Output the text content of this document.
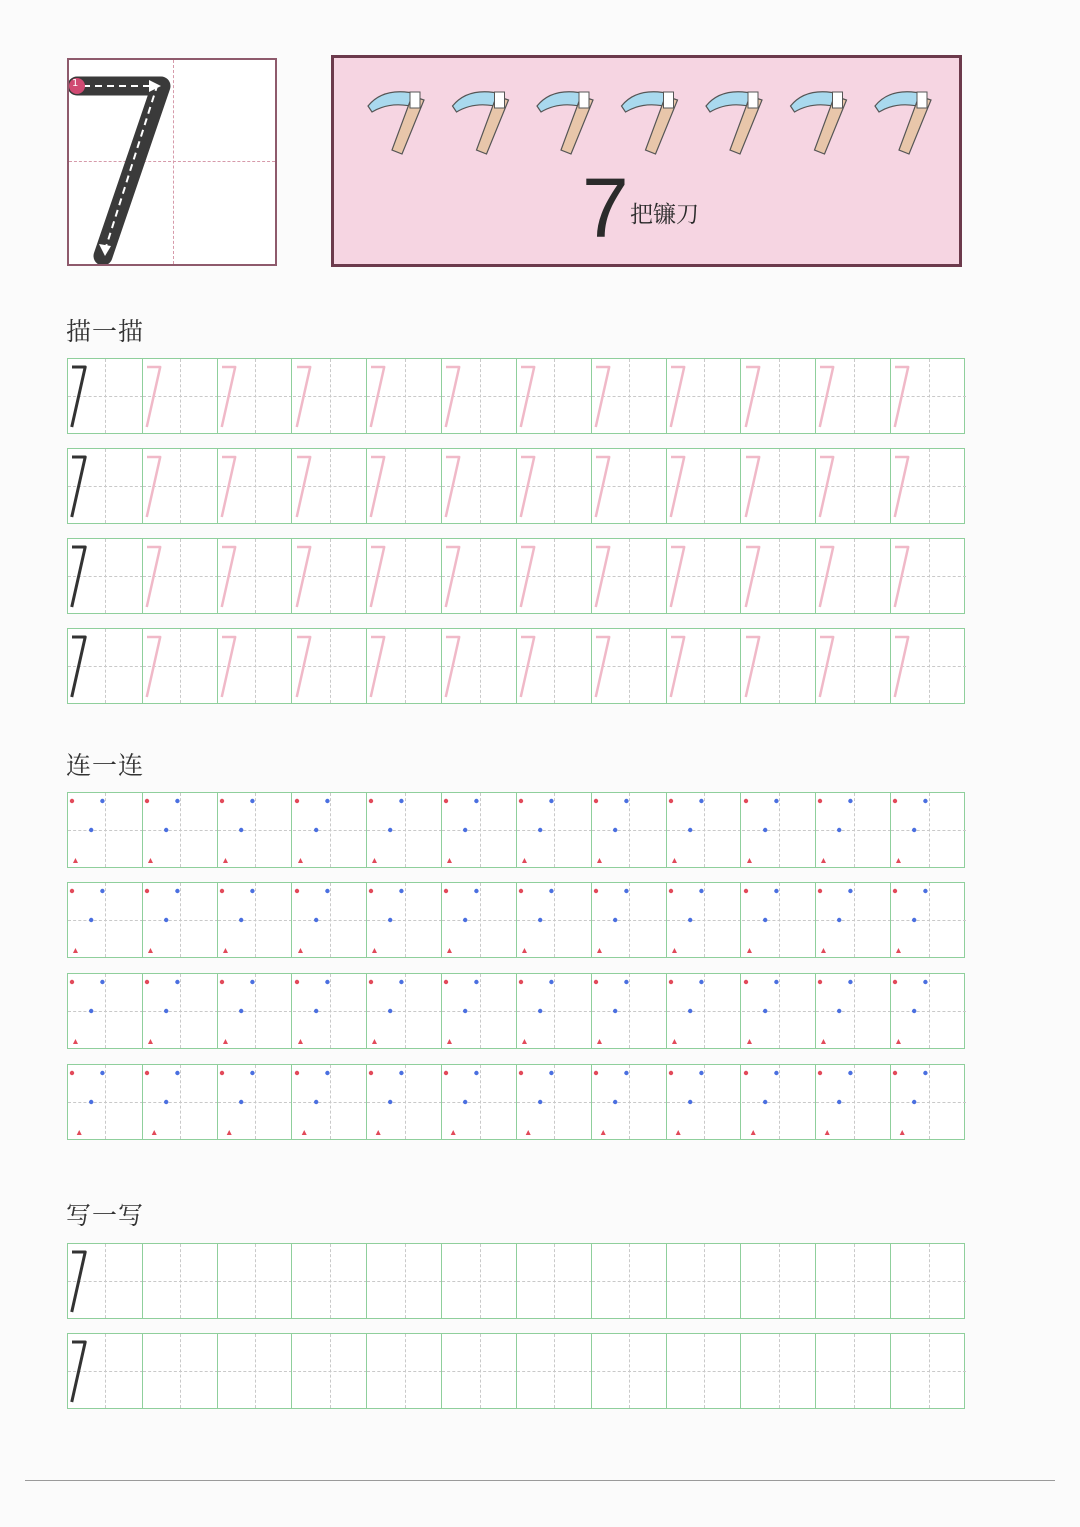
1
7 把镰刀
描一描
连一连
写一写
